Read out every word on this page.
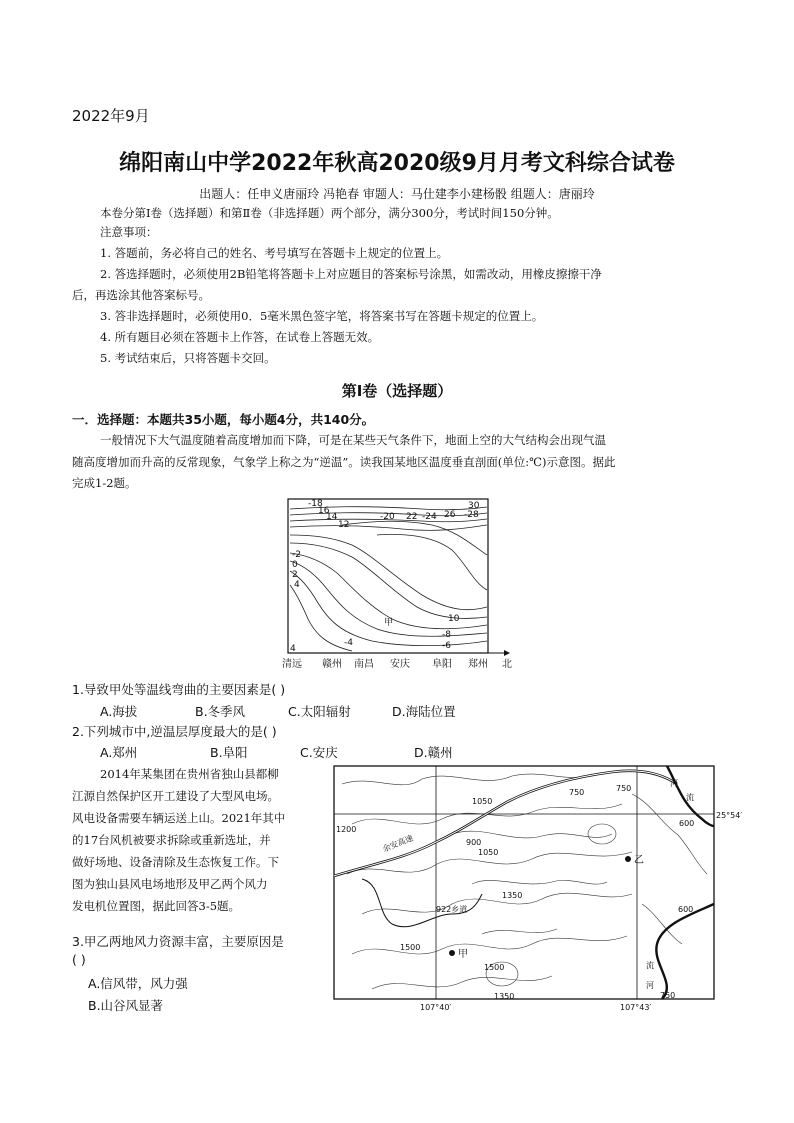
2022年9月
绵阳南山中学2022年秋高2020级9月月考文科综合试卷
出题人：任申义唐丽玲 冯艳春 审题人：马仕建李小建杨骰 组题人：唐丽玲
本卷分第Ⅰ卷（选择题）和第Ⅱ卷（非选择题）两个部分，满分300分，考试时间150分钟。
注意事项：
1. 答题前，务必将自己的姓名、考号填写在答题卡上规定的位置上。
2. 答选择题时，必须使用2B铅笔将答题卡上对应题目的答案标号涂黑，如需改动，用橡皮擦擦干净
后，再选涂其他答案标号。
3. 答非选择题时，必须使用0．5毫米黑色签字笔，将答案书写在答题卡规定的位置上。
4. 所有题目必须在答题卡上作答，在试卷上答题无效。
5. 考试结束后，只将答题卡交回。
第Ⅰ卷（选择题）
一．选择题：本题共35小题，每小题4分，共140分。
一般情况下大气温度随着高度增加而下降，可是在某些天气条件下，地面上空的大气结构会出现气温
随高度增加而升高的反常现象，气象学上称之为“逆温”。读我国某地区温度垂直剖面(单位:℃)示意图。据此
完成1-2题。
-18
16
14
12
-20 22 -24 26 -28
30
-2
0
2
4
10
甲
-8
-6
-4
4
清远 赣州 南昌 安庆 阜阳 郑州 北
1.导致甲处等温线弯曲的主要因素是( )
A.海拔	B.冬季风	C.太阳辐射	D.海陆位置
2.下列城市中,逆温层厚度最大的是( )
A.郑州	B.阜阳	C.安庆	D.赣州
2014年某集团在贵州省独山县都柳
江源自然保护区开工建设了大型风电场。
风电设备需要车辆运送上山。2021年其中
的17台风机被要求拆除或重新选址，并
做好场地、设备清除及生态恢复工作。下
图为独山县风电场地形及甲乙两个风力
发电机位置图，据此回答3-5题。
1050
750	750
600
1200
900
1050
1350
600
1500
1500
1350	750
余安高速
922乡道
河
流
河
流
25°54′
107°40′	107°43′
甲
乙
3.甲乙两地风力资源丰富，主要原因是
( )
A.信风带，风力强
B.山谷风显著
